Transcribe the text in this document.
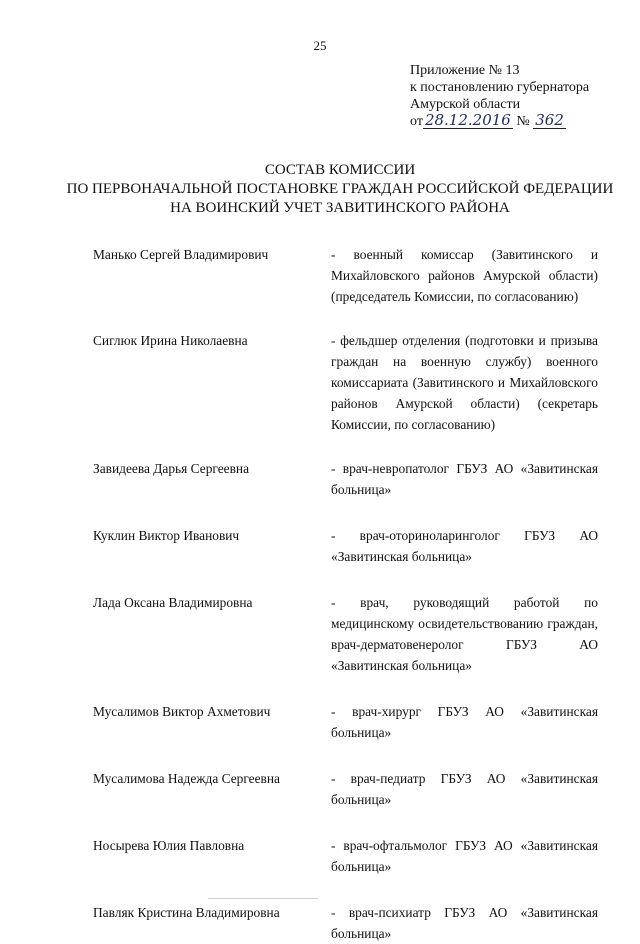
25
Приложение № 13
к постановлению губернатора
Амурской области
от 28.12.2016 № 362
СОСТАВ КОМИССИИ
ПО ПЕРВОНАЧАЛЬНОЙ ПОСТАНОВКЕ ГРАЖДАН РОССИЙСКОЙ ФЕДЕРАЦИИ
НА ВОИНСКИЙ УЧЕТ ЗАВИТИНСКОГО РАЙОНА
Манько Сергей Владимирович	- военный комиссар (Завитинского и Михайловского районов Амурской области) (председатель Комиссии, по согласованию)
Сиглюк Ирина Николаевна	- фельдшер отделения (подготовки и призыва граждан на военную службу) военного комиссариата (Завитинского и Михайловского районов Амурской области) (секретарь Комиссии, по согласованию)
Завидеева Дарья Сергеевна	- врач-невропатолог ГБУЗ АО «Завитинская больница»
Куклин Виктор Иванович	- врач-оториноларинголог ГБУЗ АО «Завитинская больница»
Лада Оксана Владимировна	- врач, руководящий работой по медицинскому освидетельствованию граждан, врач-дерматовенеролог ГБУЗ АО «Завитинская больница»
Мусалимов Виктор Ахметович	- врач-хирург ГБУЗ АО «Завитинская больница»
Мусалимова Надежда Сергеевна	- врач-педиатр ГБУЗ АО «Завитинская больница»
Носырева Юлия Павловна	- врач-офтальмолог ГБУЗ АО «Завитинская больница»
Павляк Кристина Владимировна	- врач-психиатр ГБУЗ АО «Завитинская больница»
